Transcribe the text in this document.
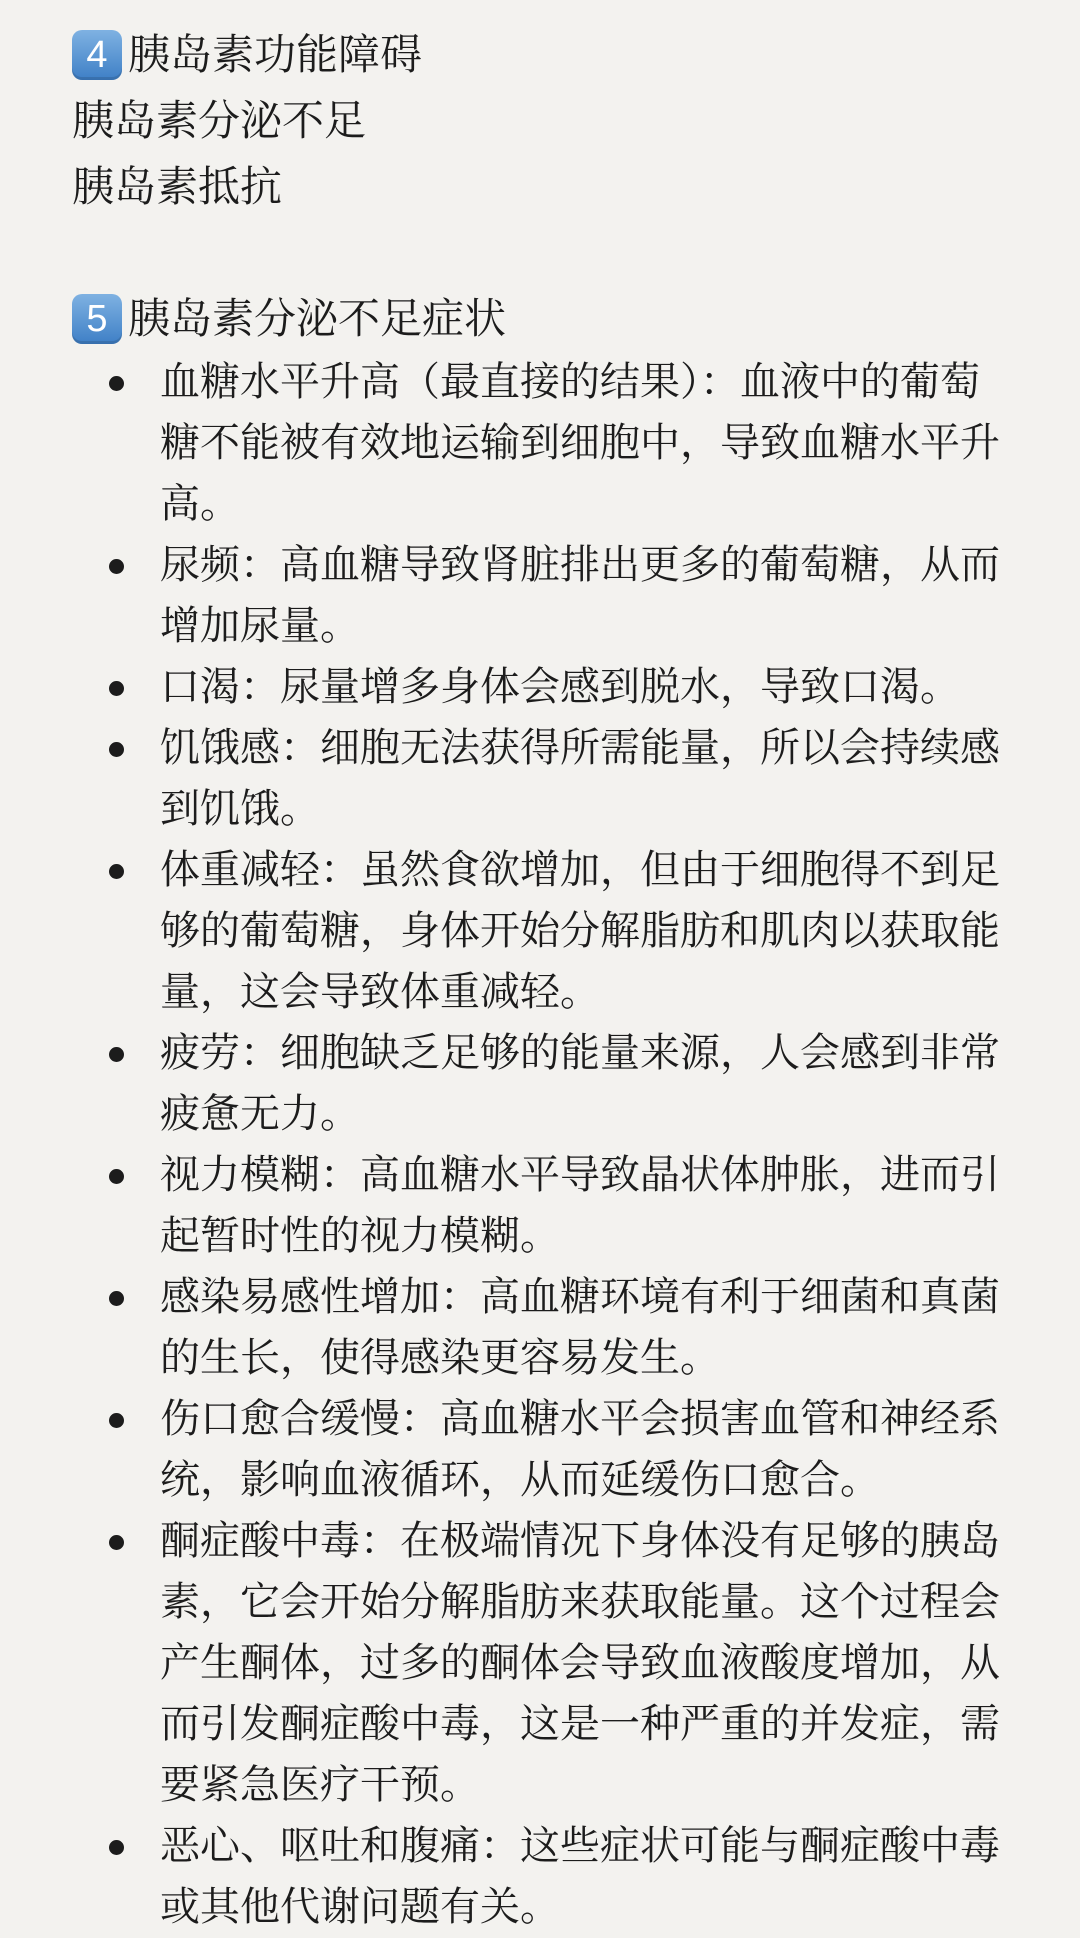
4 胰岛素功能障碍
胰岛素分泌不足
胰岛素抵抗
5 胰岛素分泌不足症状
血糖水平升高（最直接的结果）：血液中的葡萄糖不能被有效地运输到细胞中，导致血糖水平升高。
尿频：高血糖导致肾脏排出更多的葡萄糖，从而增加尿量。
口渴：尿量增多身体会感到脱水，导致口渴。
饥饿感：细胞无法获得所需能量，所以会持续感到饥饿。
体重减轻：虽然食欲增加，但由于细胞得不到足够的葡萄糖，身体开始分解脂肪和肌肉以获取能量，这会导致体重减轻。
疲劳：细胞缺乏足够的能量来源，人会感到非常疲惫无力。
视力模糊：高血糖水平导致晶状体肿胀，进而引起暂时性的视力模糊。
感染易感性增加：高血糖环境有利于细菌和真菌的生长，使得感染更容易发生。
伤口愈合缓慢：高血糖水平会损害血管和神经系统，影响血液循环，从而延缓伤口愈合。
酮症酸中毒：在极端情况下身体没有足够的胰岛素，它会开始分解脂肪来获取能量。这个过程会产生酮体，过多的酮体会导致血液酸度增加，从而引发酮症酸中毒，这是一种严重的并发症，需要紧急医疗干预。
恶心、呕吐和腹痛：这些症状可能与酮症酸中毒或其他代谢问题有关。
